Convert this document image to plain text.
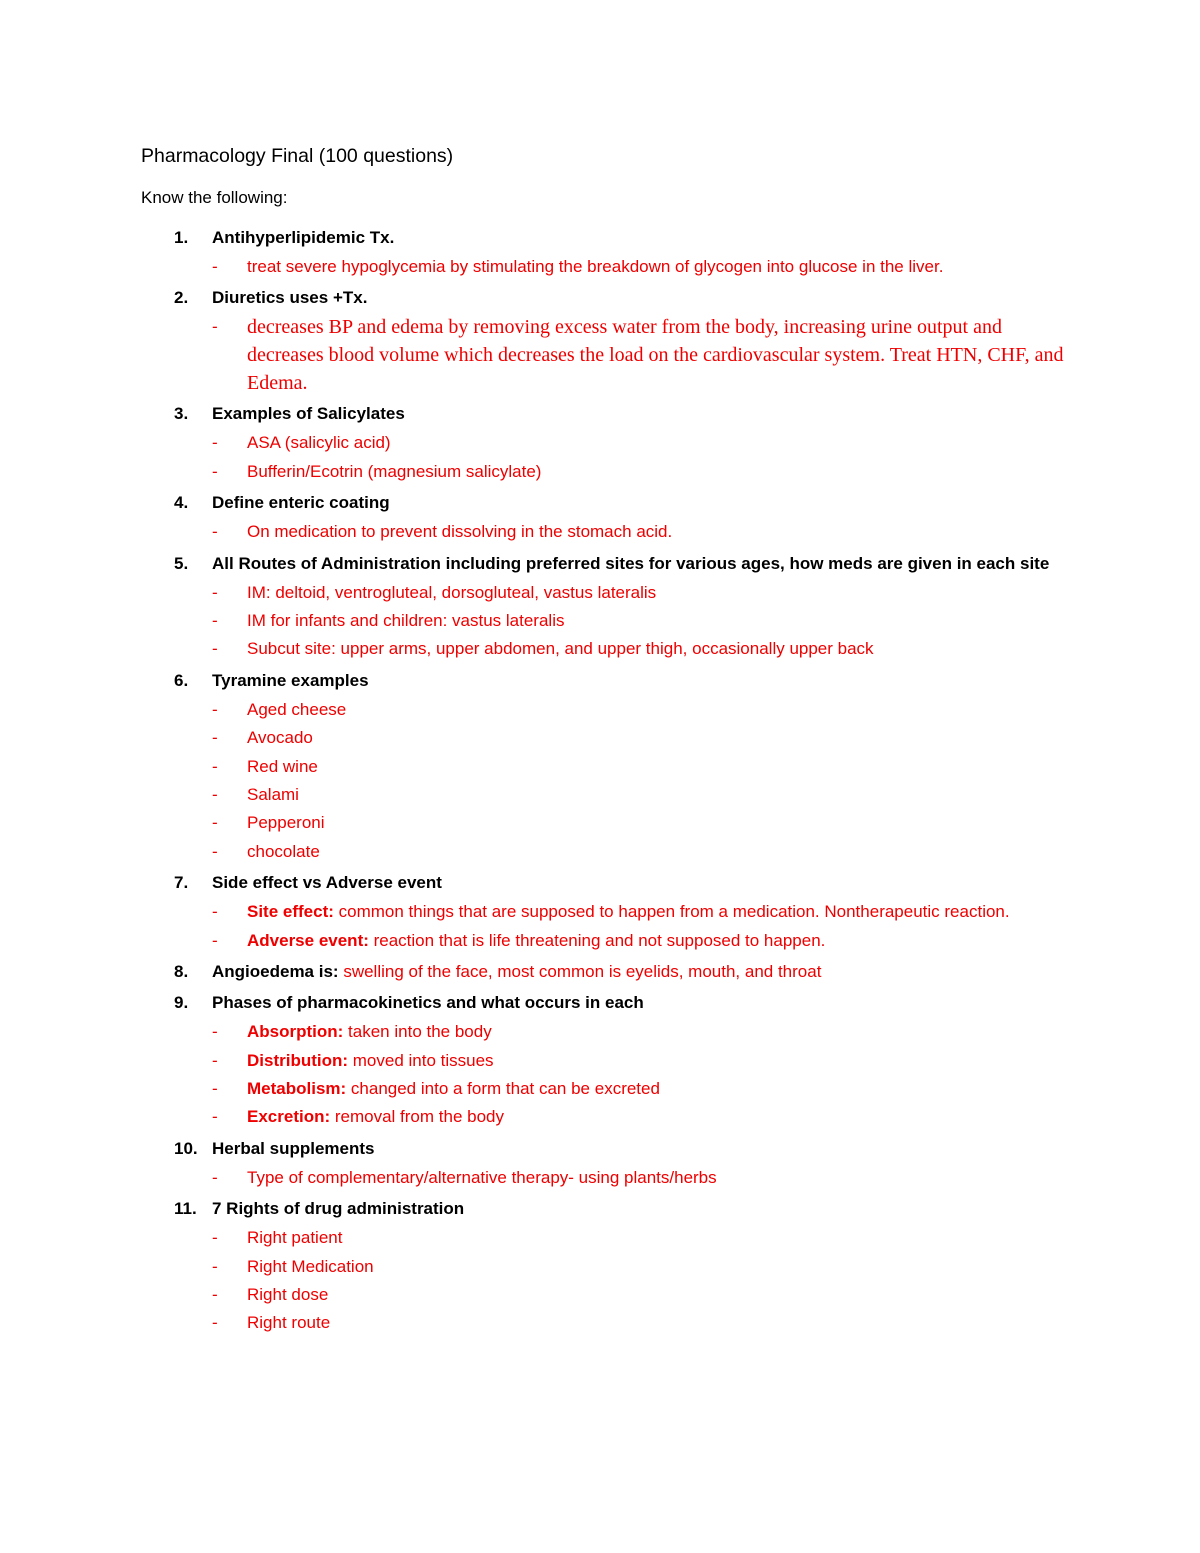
Pharmacology Final (100 questions)
Know the following:
1. Antihyperlipidemic Tx.
- treat severe hypoglycemia by stimulating the breakdown of glycogen into glucose in the liver.
2. Diuretics uses +Tx.
- decreases BP and edema by removing excess water from the body, increasing urine output and decreases blood volume which decreases the load on the cardiovascular system. Treat HTN, CHF, and Edema.
3. Examples of Salicylates
- ASA (salicylic acid)
- Bufferin/Ecotrin (magnesium salicylate)
4. Define enteric coating
- On medication to prevent dissolving in the stomach acid.
5. All Routes of Administration including preferred sites for various ages, how meds are given in each site
- IM: deltoid, ventrogluteal, dorsogluteal, vastus lateralis
- IM for infants and children: vastus lateralis
- Subcut site: upper arms, upper abdomen, and upper thigh, occasionally upper back
6. Tyramine examples
- Aged cheese
- Avocado
- Red wine
- Salami
- Pepperoni
- chocolate
7. Side effect vs Adverse event
- Site effect: common things that are supposed to happen from a medication. Nontherapeutic reaction.
- Adverse event: reaction that is life threatening and not supposed to happen.
8. Angioedema is: swelling of the face, most common is eyelids, mouth, and throat
9. Phases of pharmacokinetics and what occurs in each
- Absorption: taken into the body
- Distribution: moved into tissues
- Metabolism: changed into a form that can be excreted
- Excretion: removal from the body
10. Herbal supplements
- Type of complementary/alternative therapy- using plants/herbs
11. 7 Rights of drug administration
- Right patient
- Right Medication
- Right dose
- Right route
